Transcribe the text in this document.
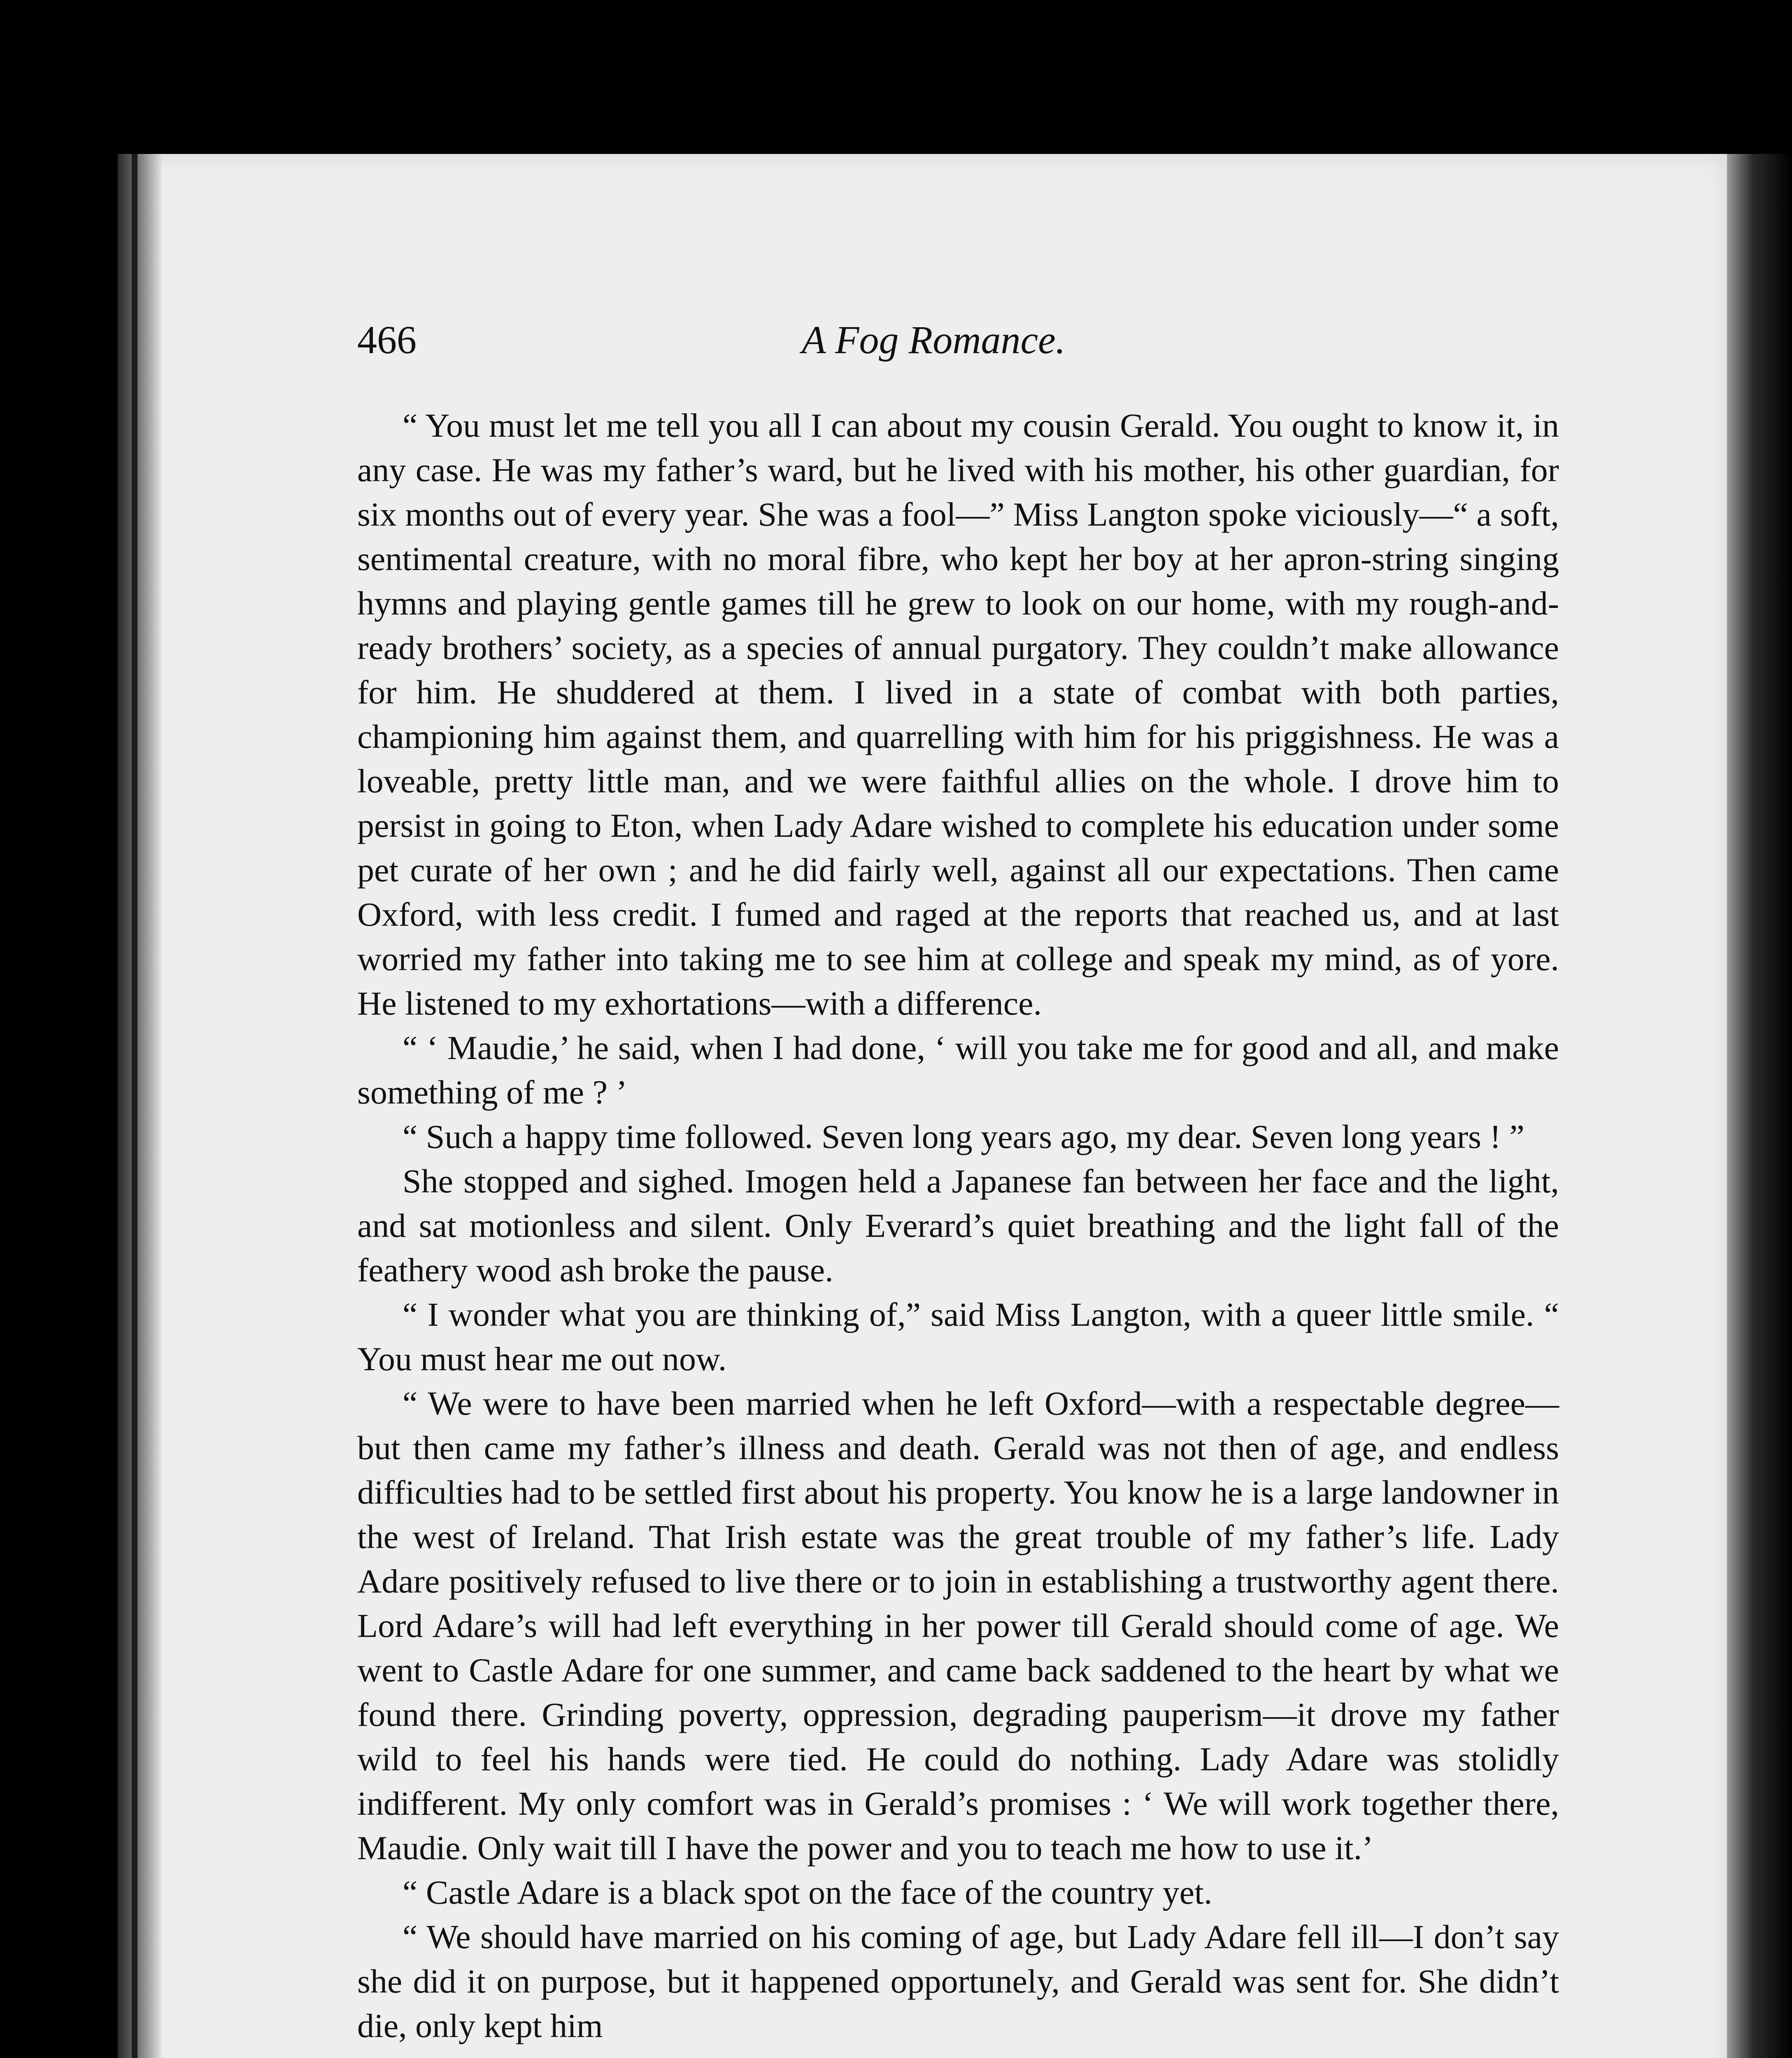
466	A Fog Romance.

“ You must let me tell you all I can about my cousin Gerald. You ought to know it, in any case. He was my father’s ward, but he lived with his mother, his other guardian, for six months out of every year. She was a fool—” Miss Langton spoke viciously—“ a soft, sentimental creature, with no moral fibre, who kept her boy at her apron-string singing hymns and playing gentle games till he grew to look on our home, with my rough-and-ready brothers’ society, as a species of annual purgatory. They couldn’t make allowance for him. He shuddered at them. I lived in a state of combat with both parties, championing him against them, and quarrelling with him for his priggishness. He was a loveable, pretty little man, and we were faithful allies on the whole. I drove him to persist in going to Eton, when Lady Adare wished to complete his education under some pet curate of her own ; and he did fairly well, against all our expectations. Then came Oxford, with less credit. I fumed and raged at the reports that reached us, and at last worried my father into taking me to see him at college and speak my mind, as of yore. He listened to my exhortations—with a difference.

“ ‘ Maudie,’ he said, when I had done, ‘ will you take me for good and all, and make something of me ? ’

“ Such a happy time followed. Seven long years ago, my dear. Seven long years ! ”

She stopped and sighed. Imogen held a Japanese fan between her face and the light, and sat motionless and silent. Only Everard’s quiet breathing and the light fall of the feathery wood ash broke the pause.

“ I wonder what you are thinking of,” said Miss Langton, with a queer little smile. “ You must hear me out now.

“ We were to have been married when he left Oxford—with a respectable degree—but then came my father’s illness and death. Gerald was not then of age, and endless difficulties had to be settled first about his property. You know he is a large landowner in the west of Ireland. That Irish estate was the great trouble of my father’s life. Lady Adare positively refused to live there or to join in establishing a trustworthy agent there. Lord Adare’s will had left everything in her power till Gerald should come of age. We went to Castle Adare for one summer, and came back saddened to the heart by what we found there. Grinding poverty, oppression, degrading pauperism—it drove my father wild to feel his hands were tied. He could do nothing. Lady Adare was stolidly indifferent. My only comfort was in Gerald’s promises : ‘ We will work together there, Maudie. Only wait till I have the power and you to teach me how to use it.’

“ Castle Adare is a black spot on the face of the country yet.

“ We should have married on his coming of age, but Lady Adare fell ill—I don’t say she did it on purpose, but it happened opportunely, and Gerald was sent for. She didn’t die, only kept him
